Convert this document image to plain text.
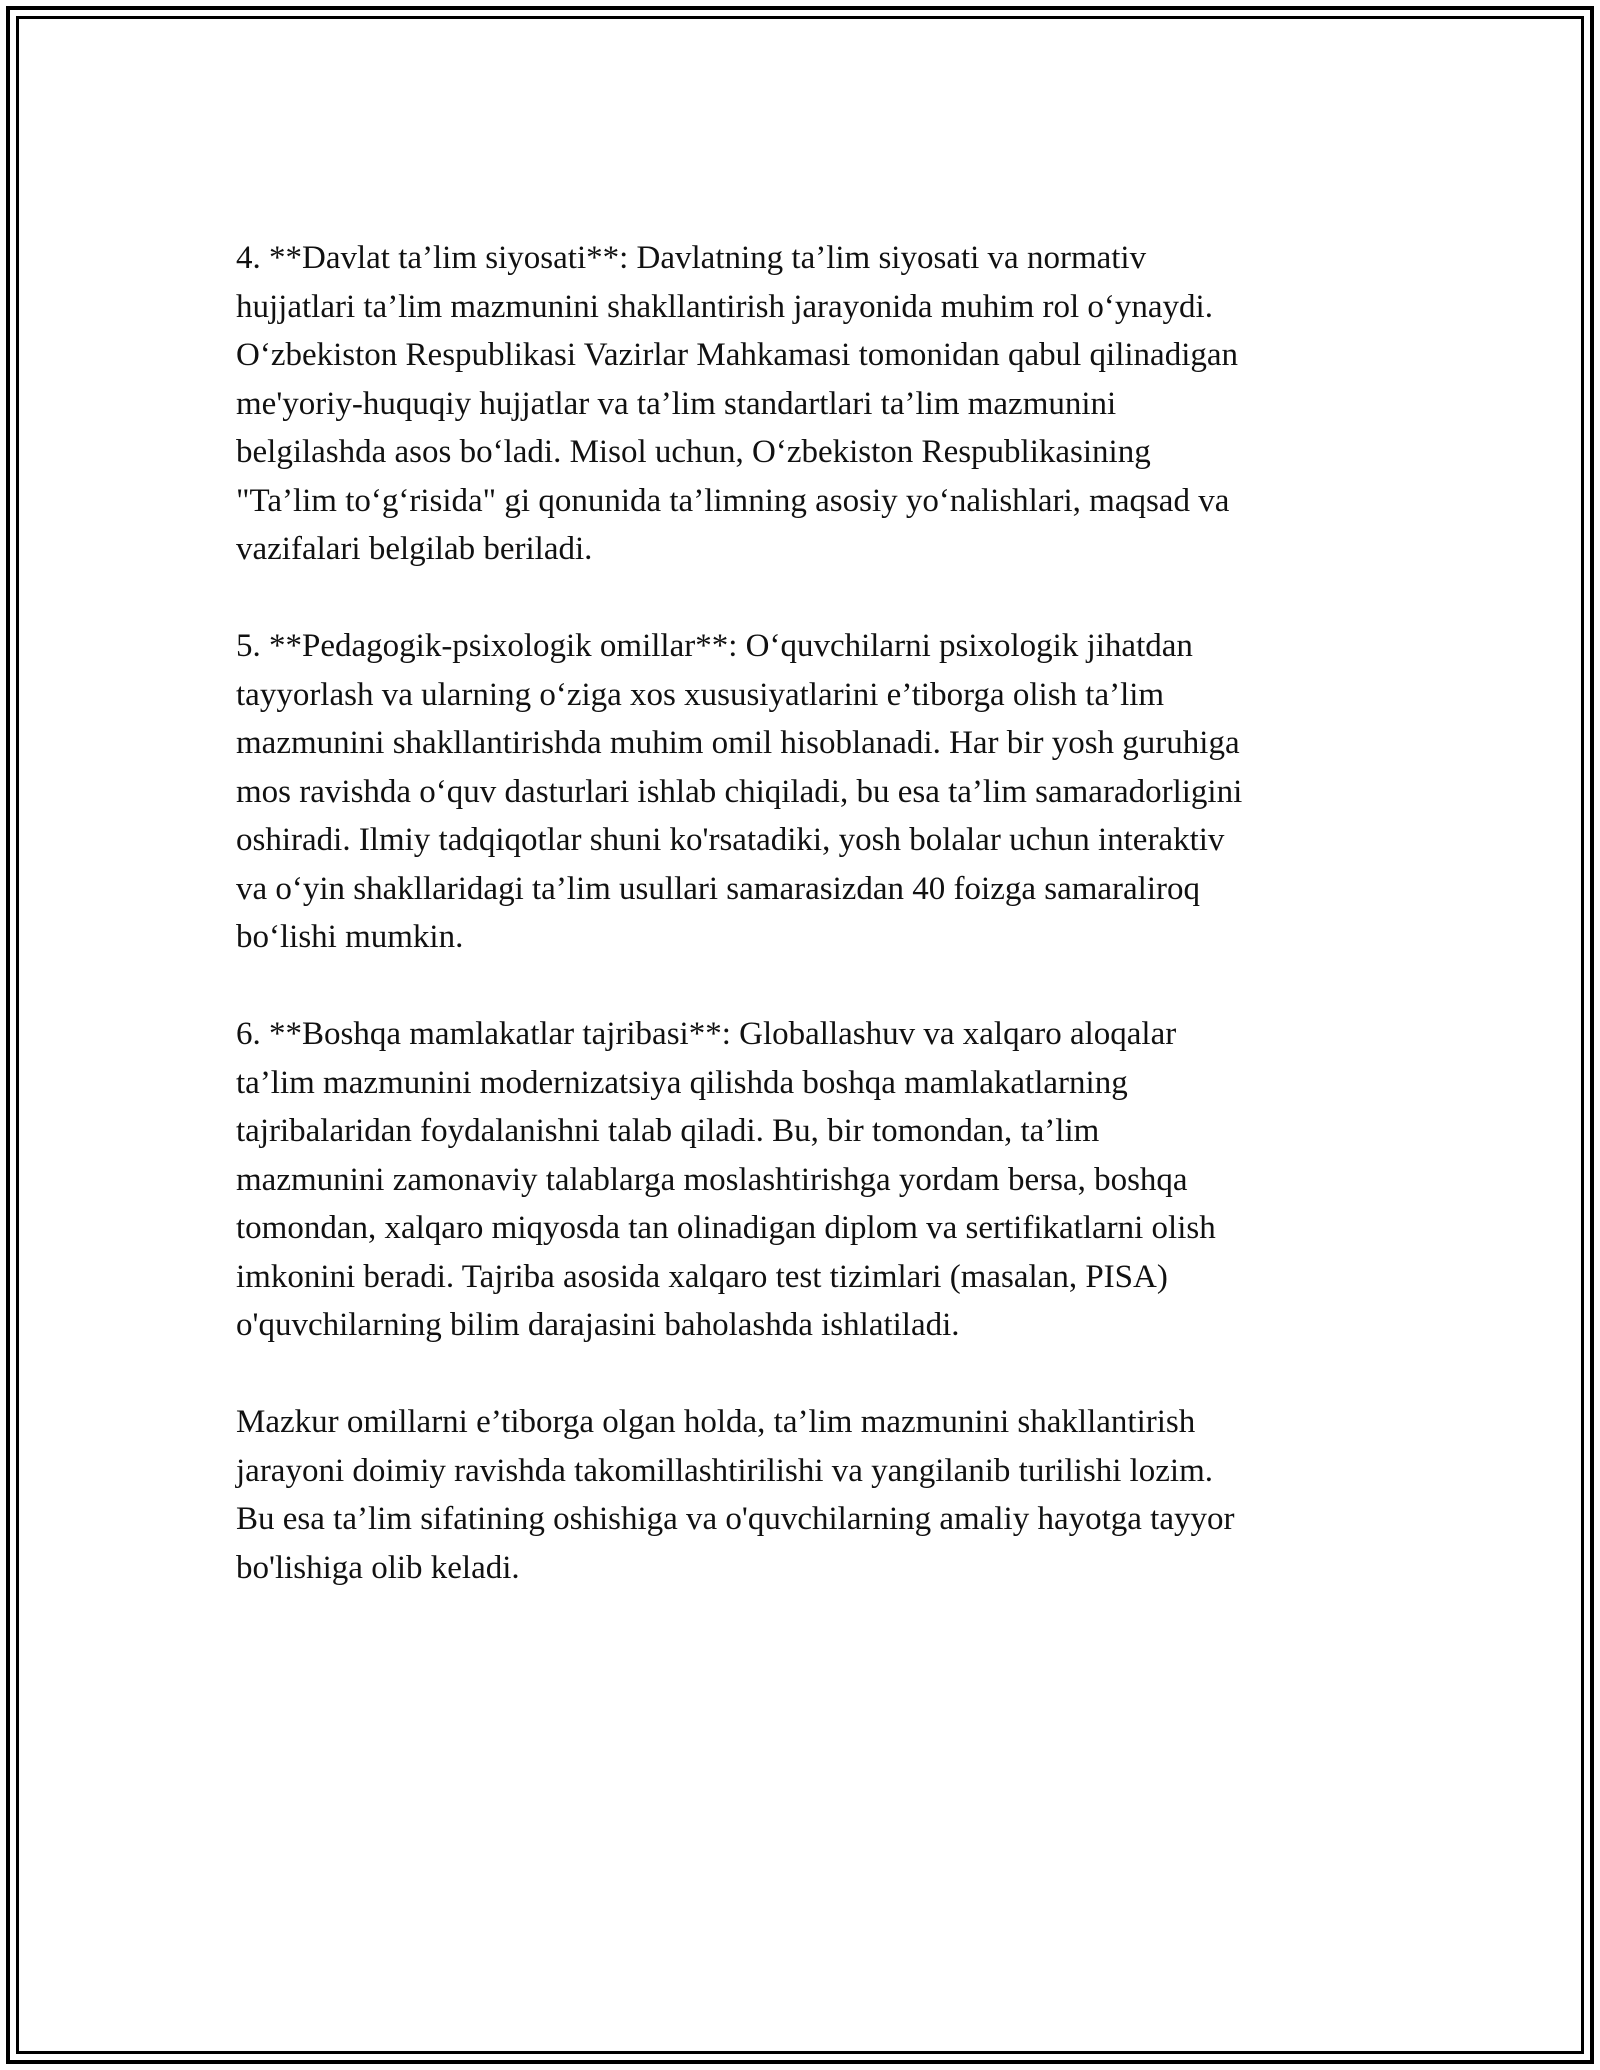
4. **Davlat ta’lim siyosati**: Davlatning ta’lim siyosati va normativ
hujjatlari ta’lim mazmunini shakllantirish jarayonida muhim rol o‘ynaydi.
O‘zbekiston Respublikasi Vazirlar Mahkamasi tomonidan qabul qilinadigan
me'yoriy-huquqiy hujjatlar va ta’lim standartlari ta’lim mazmunini
belgilashda asos bo‘ladi. Misol uchun, O‘zbekiston Respublikasining
"Ta’lim to‘g‘risida" gi qonunida ta’limning asosiy yo‘nalishlari, maqsad va
vazifalari belgilab beriladi.

5. **Pedagogik-psixologik omillar**: O‘quvchilarni psixologik jihatdan
tayyorlash va ularning o‘ziga xos xususiyatlarini e’tiborga olish ta’lim
mazmunini shakllantirishda muhim omil hisoblanadi. Har bir yosh guruhiga
mos ravishda o‘quv dasturlari ishlab chiqiladi, bu esa ta’lim samaradorligini
oshiradi. Ilmiy tadqiqotlar shuni ko'rsatadiki, yosh bolalar uchun interaktiv
va o‘yin shakllaridagi ta’lim usullari samarasizdan 40 foizga samaraliroq
bo‘lishi mumkin.

6. **Boshqa mamlakatlar tajribasi**: Globallashuv va xalqaro aloqalar
ta’lim mazmunini modernizatsiya qilishda boshqa mamlakatlarning
tajribalaridan foydalanishni talab qiladi. Bu, bir tomondan, ta’lim
mazmunini zamonaviy talablarga moslashtirishga yordam bersa, boshqa
tomondan, xalqaro miqyosda tan olinadigan diplom va sertifikatlarni olish
imkonini beradi. Tajriba asosida xalqaro test tizimlari (masalan, PISA)
o'quvchilarning bilim darajasini baholashda ishlatiladi.

Mazkur omillarni e’tiborga olgan holda, ta’lim mazmunini shakllantirish
jarayoni doimiy ravishda takomillashtirilishi va yangilanib turilishi lozim.
Bu esa ta’lim sifatining oshishiga va o'quvchilarning amaliy hayotga tayyor
bo'lishiga olib keladi.
